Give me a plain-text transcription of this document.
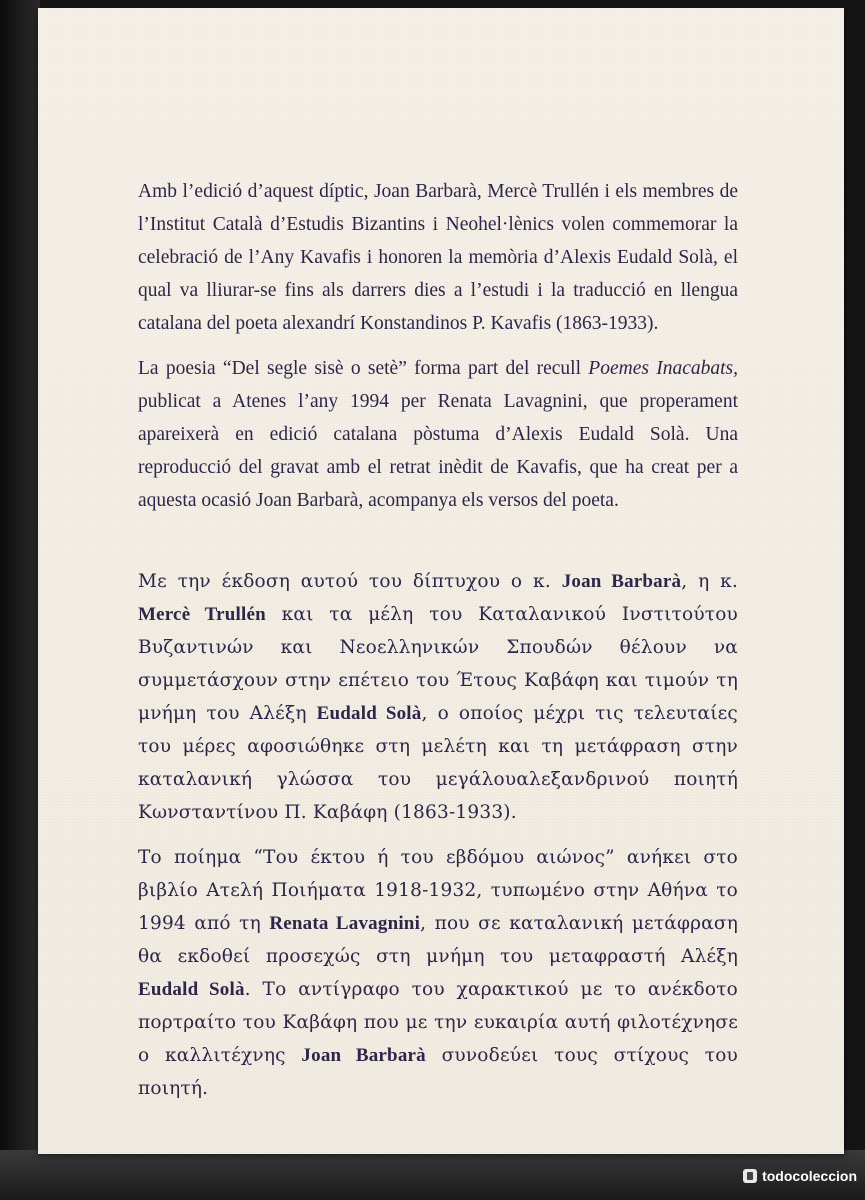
Amb l’edició d’aquest díptic, Joan Barbarà, Mercè Trullén i els membres de l’Institut Català d’Estudis Bizantins i Neohel·lènics volen commemorar la celebració de l’Any Kavafis i honoren la memòria d’Alexis Eudald Solà, el qual va lliurar-se fins als darrers dies a l’estudi i la traducció en llengua catalana del poeta alexandrí Konstandinos P. Kavafis (1863-1933).

La poesia “Del segle sisè o setè” forma part del recull Poemes Inacabats, publicat a Atenes l’any 1994 per Renata Lavagnini, que properament apareixerà en edició catalana pòstuma d’Alexis Eudald Solà. Una reproducció del gravat amb el retrat inèdit de Kavafis, que ha creat per a aquesta ocasió Joan Barbarà, acompanya els versos del poeta.

Με την έκδοση αυτού του δίπτυχου ο κ. Joan Barbarà, η κ. Mercè Trullén και τα μέλη του Καταλανικού Ινστιτούτου Βυζαντινών και Νεοελληνικών Σπουδών θέλουν να συμμετάσχουν στην επέτειο του Έτους Καβάφη και τιμούν τη μνήμη του Αλέξη Eudald Solà, ο οποίος μέχρι τις τελευταίες του μέρες αφοσιώθηκε στη μελέτη και τη μετάφραση στην καταλανική γλώσσα του μεγάλουαλεξανδρινού ποιητή Κωνσταντίνου Π. Καβάφη (1863-1933).

Το ποίημα “Του έκτου ή του εβδόμου αιώνος” ανήκει στο βιβλίο Ατελή Ποιήματα 1918-1932, τυπωμένο στην Αθήνα το 1994 από τη Renata Lavagnini, που σε καταλανική μετάφραση θα εκδοθεί προσεχώς στη μνήμη του μεταφραστή Αλέξη Eudald Solà. Το αντίγραφο του χαρακτικού με το ανέκδοτο πορτραίτο του Καβάφη που με την ευκαιρία αυτή φιλοτέχνησε ο καλλιτέχνης Joan Barbarà συνοδεύει τους στίχους του ποιητή.

todocoleccion
